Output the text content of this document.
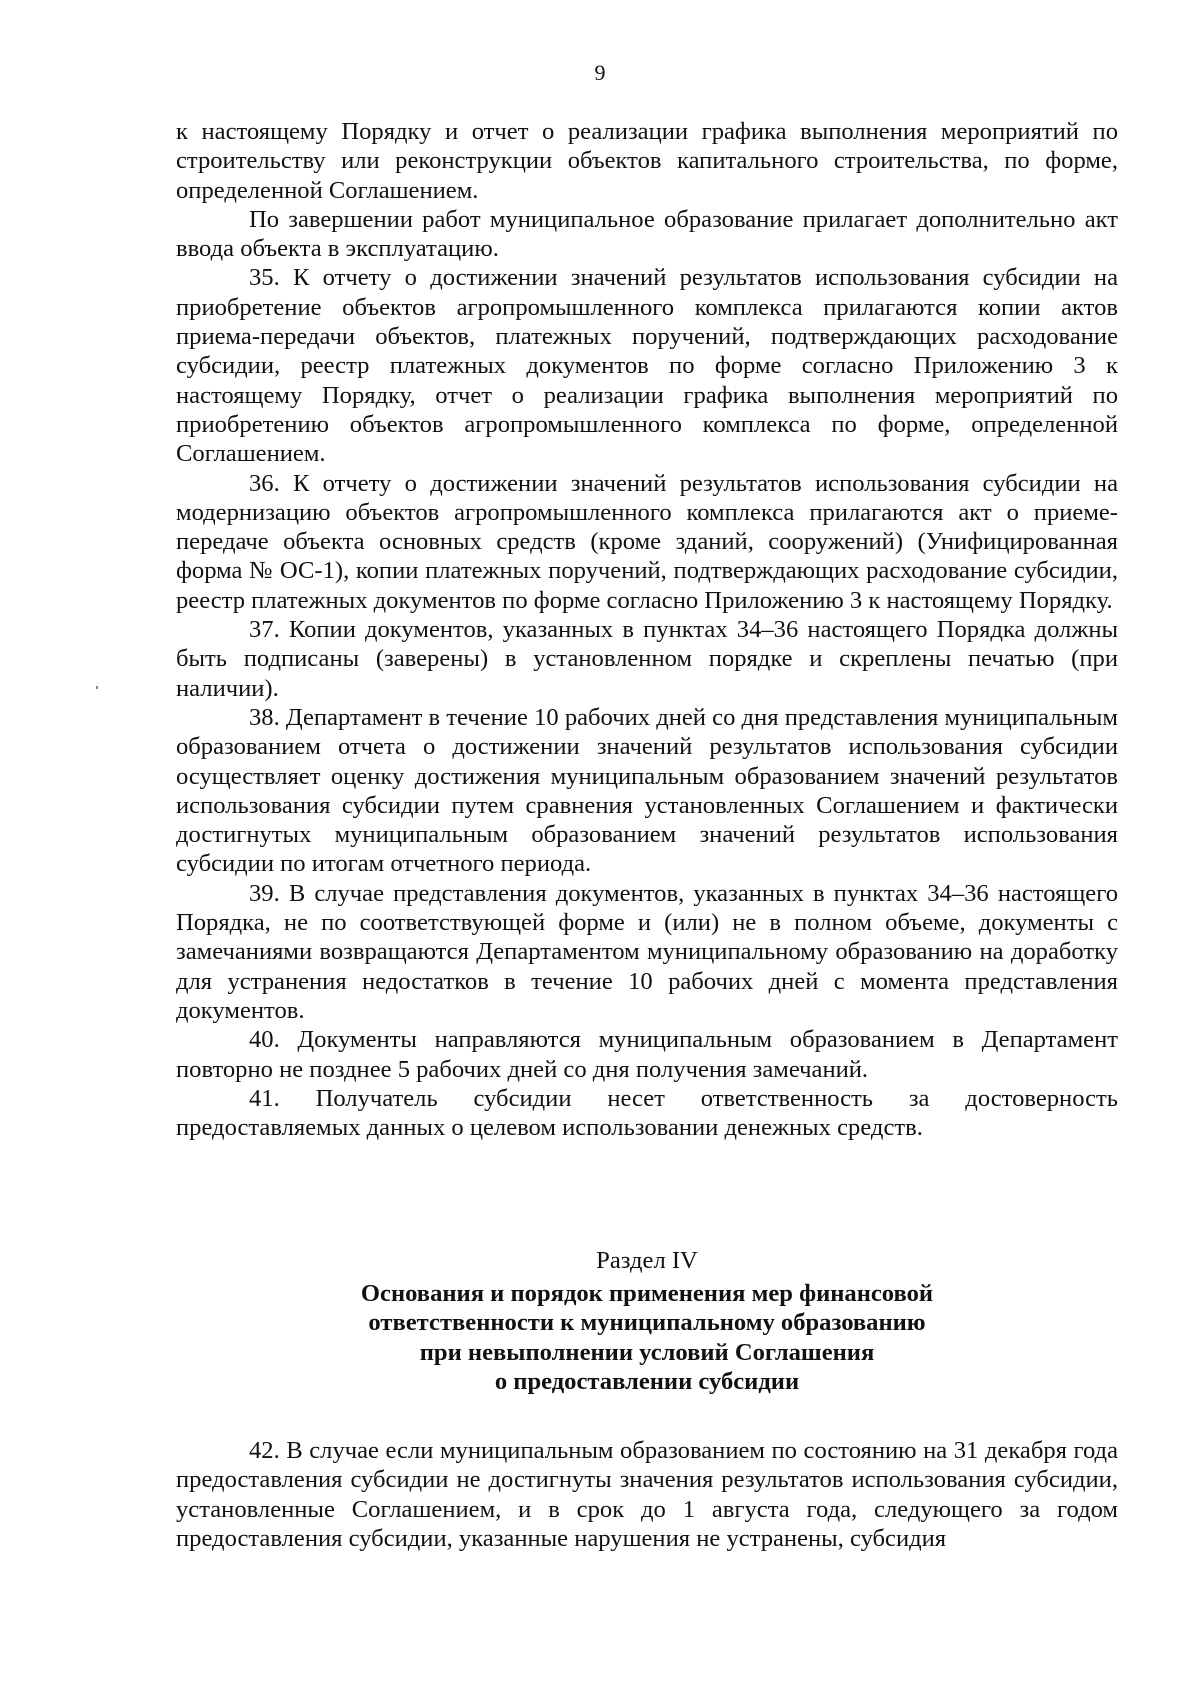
9

к настоящему Порядку и отчет о реализации графика выполнения мероприятий по строительству или реконструкции объектов капитального строительства, по форме, определенной Соглашением.

По завершении работ муниципальное образование прилагает дополнительно акт ввода объекта в эксплуатацию.

35. К отчету о достижении значений результатов использования субсидии на приобретение объектов агропромышленного комплекса прилагаются копии актов приема-передачи объектов, платежных поручений, подтверждающих расходование субсидии, реестр платежных документов по форме согласно Приложению 3 к настоящему Порядку, отчет о реализации графика выполнения мероприятий по приобретению объектов агропромышленного комплекса по форме, определенной Соглашением.

36. К отчету о достижении значений результатов использования субсидии на модернизацию объектов агропромышленного комплекса прилагаются акт о приеме-передаче объекта основных средств (кроме зданий, сооружений) (Унифицированная форма № ОС-1), копии платежных поручений, подтверждающих расходование субсидии, реестр платежных документов по форме согласно Приложению 3 к настоящему Порядку.

37. Копии документов, указанных в пунктах 34–36 настоящего Порядка должны быть подписаны (заверены) в установленном порядке и скреплены печатью (при наличии).

38. Департамент в течение 10 рабочих дней со дня представления муниципальным образованием отчета о достижении значений результатов использования субсидии осуществляет оценку достижения муниципальным образованием значений результатов использования субсидии путем сравнения установленных Соглашением и фактически достигнутых муниципальным образованием значений результатов использования субсидии по итогам отчетного периода.

39. В случае представления документов, указанных в пунктах 34–36 настоящего Порядка, не по соответствующей форме и (или) не в полном объеме, документы с замечаниями возвращаются Департаментом муниципальному образованию на доработку для устранения недостатков в течение 10 рабочих дней с момента представления документов.

40. Документы направляются муниципальным образованием в Департамент повторно не позднее 5 рабочих дней со дня получения замечаний.

41. Получатель субсидии несет ответственность за достоверность предоставляемых данных о целевом использовании денежных средств.

Раздел IV

Основания и порядок применения мер финансовой
ответственности к муниципальному образованию
при невыполнении условий Соглашения
о предоставлении субсидии

42. В случае если муниципальным образованием по состоянию на 31 декабря года предоставления субсидии не достигнуты значения результатов использования субсидии, установленные Соглашением, и в срок до 1 августа года, следующего за годом предоставления субсидии, указанные нарушения не устранены, субсидия
